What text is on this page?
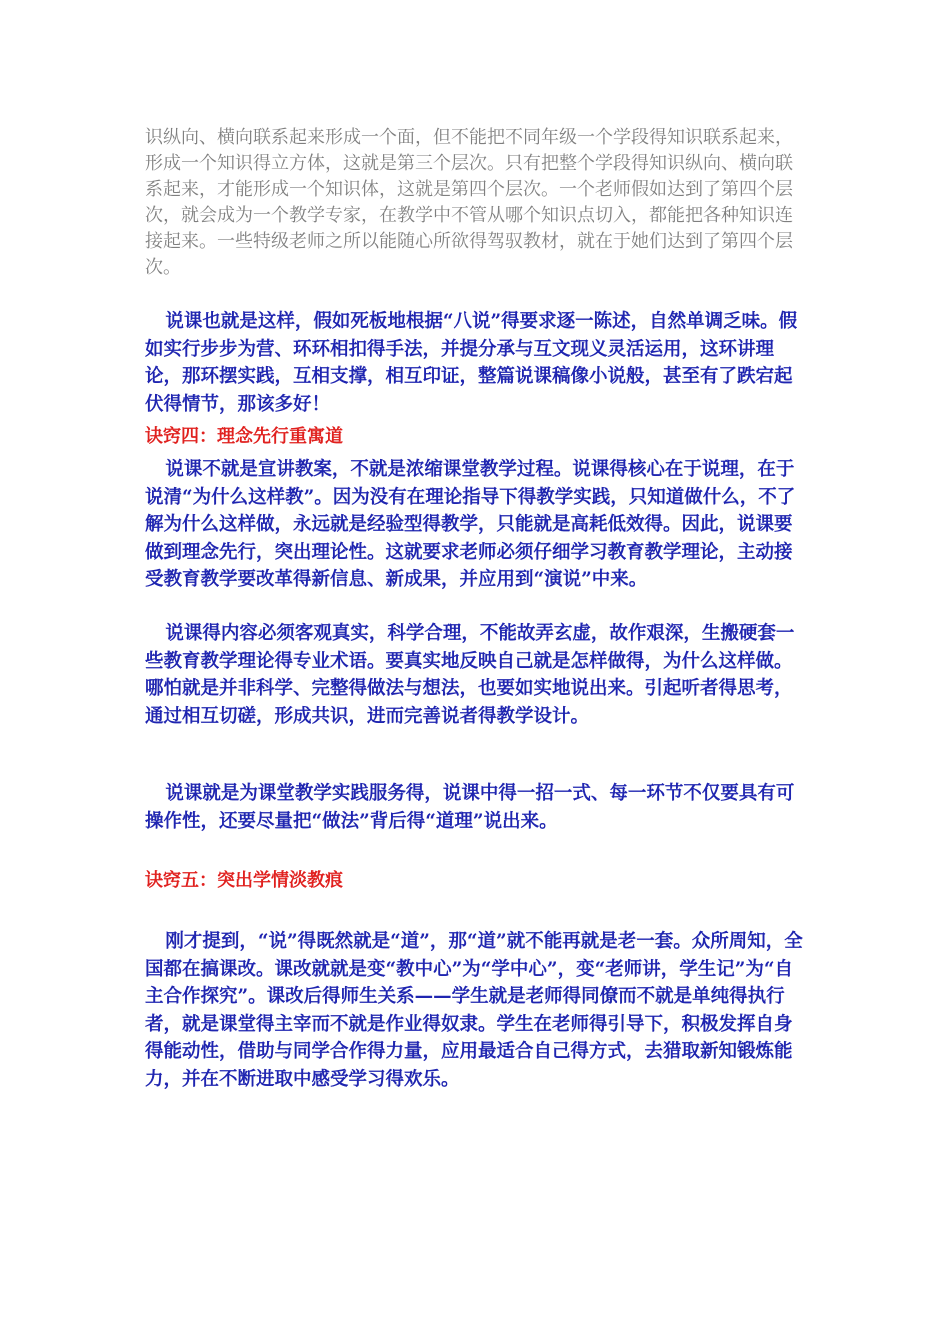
识纵向、横向联系起来形成一个面，但不能把不同年级一个学段得知识联系起来，形成一个知识得立方体，这就是第三个层次。只有把整个学段得知识纵向、横向联系起来，才能形成一个知识体，这就是第四个层次。一个老师假如达到了第四个层次，就会成为一个教学专家，在教学中不管从哪个知识点切入，都能把各种知识连接起来。一些特级老师之所以能随心所欲得驾驭教材，就在于她们达到了第四个层次。

说课也就是这样，假如死板地根据“八说”得要求逐一陈述，自然单调乏味。假如实行步步为营、环环相扣得手法，并提分承与互文现义灵活运用，这环讲理论，那环摆实践，互相支撑，相互印证，整篇说课稿像小说般，甚至有了跌宕起伏得情节，那该多好！

诀窍四：理念先行重寓道

说课不就是宣讲教案，不就是浓缩课堂教学过程。说课得核心在于说理，在于说清“为什么这样教”。因为没有在理论指导下得教学实践，只知道做什么，不了解为什么这样做，永远就是经验型得教学，只能就是高耗低效得。因此，说课要做到理念先行，突出理论性。这就要求老师必须仔细学习教育教学理论，主动接受教育教学要改革得新信息、新成果，并应用到“演说”中来。

说课得内容必须客观真实，科学合理，不能故弄玄虚，故作艰深，生搬硬套一些教育教学理论得专业术语。要真实地反映自己就是怎样做得，为什么这样做。哪怕就是并非科学、完整得做法与想法，也要如实地说出来。引起听者得思考，通过相互切磋，形成共识，进而完善说者得教学设计。

说课就是为课堂教学实践服务得，说课中得一招一式、每一环节不仅要具有可操作性，还要尽量把“做法”背后得“道理”说出来。

诀窍五：突出学情淡教痕

刚才提到，“说”得既然就是“道”，那“道”就不能再就是老一套。众所周知，全国都在搞课改。课改就就是变“教中心”为“学中心”，变“老师讲，学生记”为“自主合作探究”。课改后得师生关系——学生就是老师得同僚而不就是单纯得执行者，就是课堂得主宰而不就是作业得奴隶。学生在老师得引导下，积极发挥自身得能动性，借助与同学合作得力量，应用最适合自己得方式，去猎取新知锻炼能力，并在不断进取中感受学习得欢乐。
